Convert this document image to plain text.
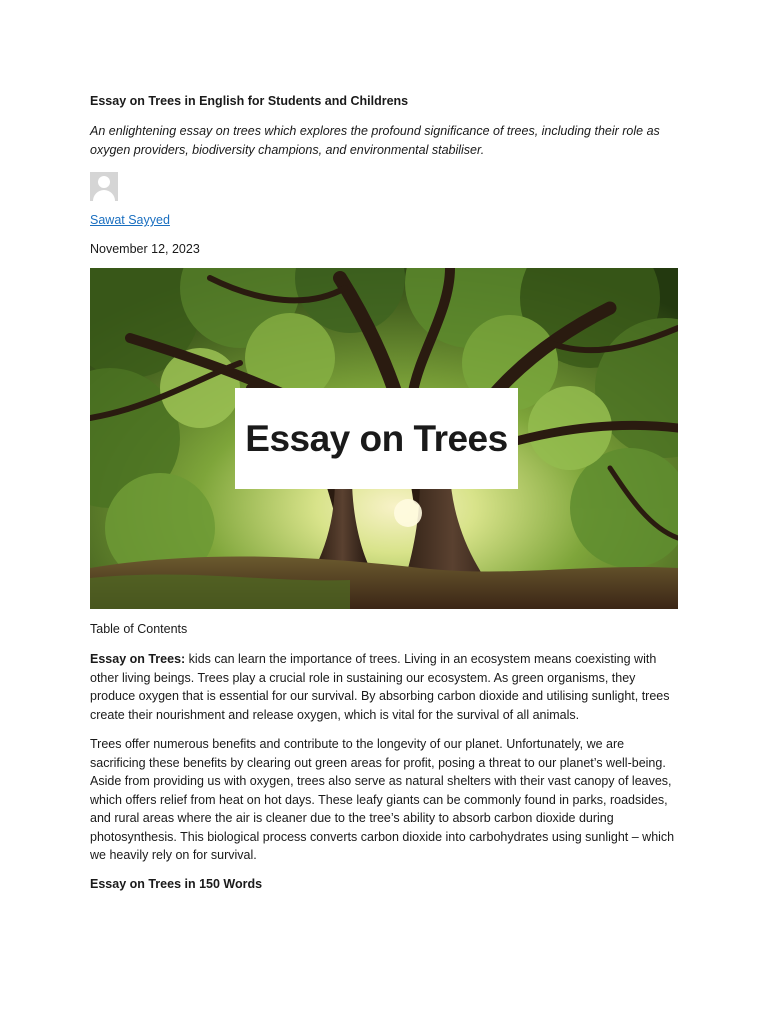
Essay on Trees in English for Students and Childrens
An enlightening essay on trees which explores the profound significance of trees, including their role as oxygen providers, biodiversity champions, and environmental stabiliser.
Sawat Sayyed
November 12, 2023
Essay on Trees
Table of Contents

Essay on Trees: kids can learn the importance of trees. Living in an ecosystem means coexisting with other living beings. Trees play a crucial role in sustaining our ecosystem. As green organisms, they produce oxygen that is essential for our survival. By absorbing carbon dioxide and utilising sunlight, trees create their nourishment and release oxygen, which is vital for the survival of all animals.

Trees offer numerous benefits and contribute to the longevity of our planet. Unfortunately, we are sacrificing these benefits by clearing out green areas for profit, posing a threat to our planet’s well-being. Aside from providing us with oxygen, trees also serve as natural shelters with their vast canopy of leaves, which offers relief from heat on hot days. These leafy giants can be commonly found in parks, roadsides, and rural areas where the air is cleaner due to the tree’s ability to absorb carbon dioxide during photosynthesis. This biological process converts carbon dioxide into carbohydrates using sunlight – which we heavily rely on for survival.

Essay on Trees in 150 Words
